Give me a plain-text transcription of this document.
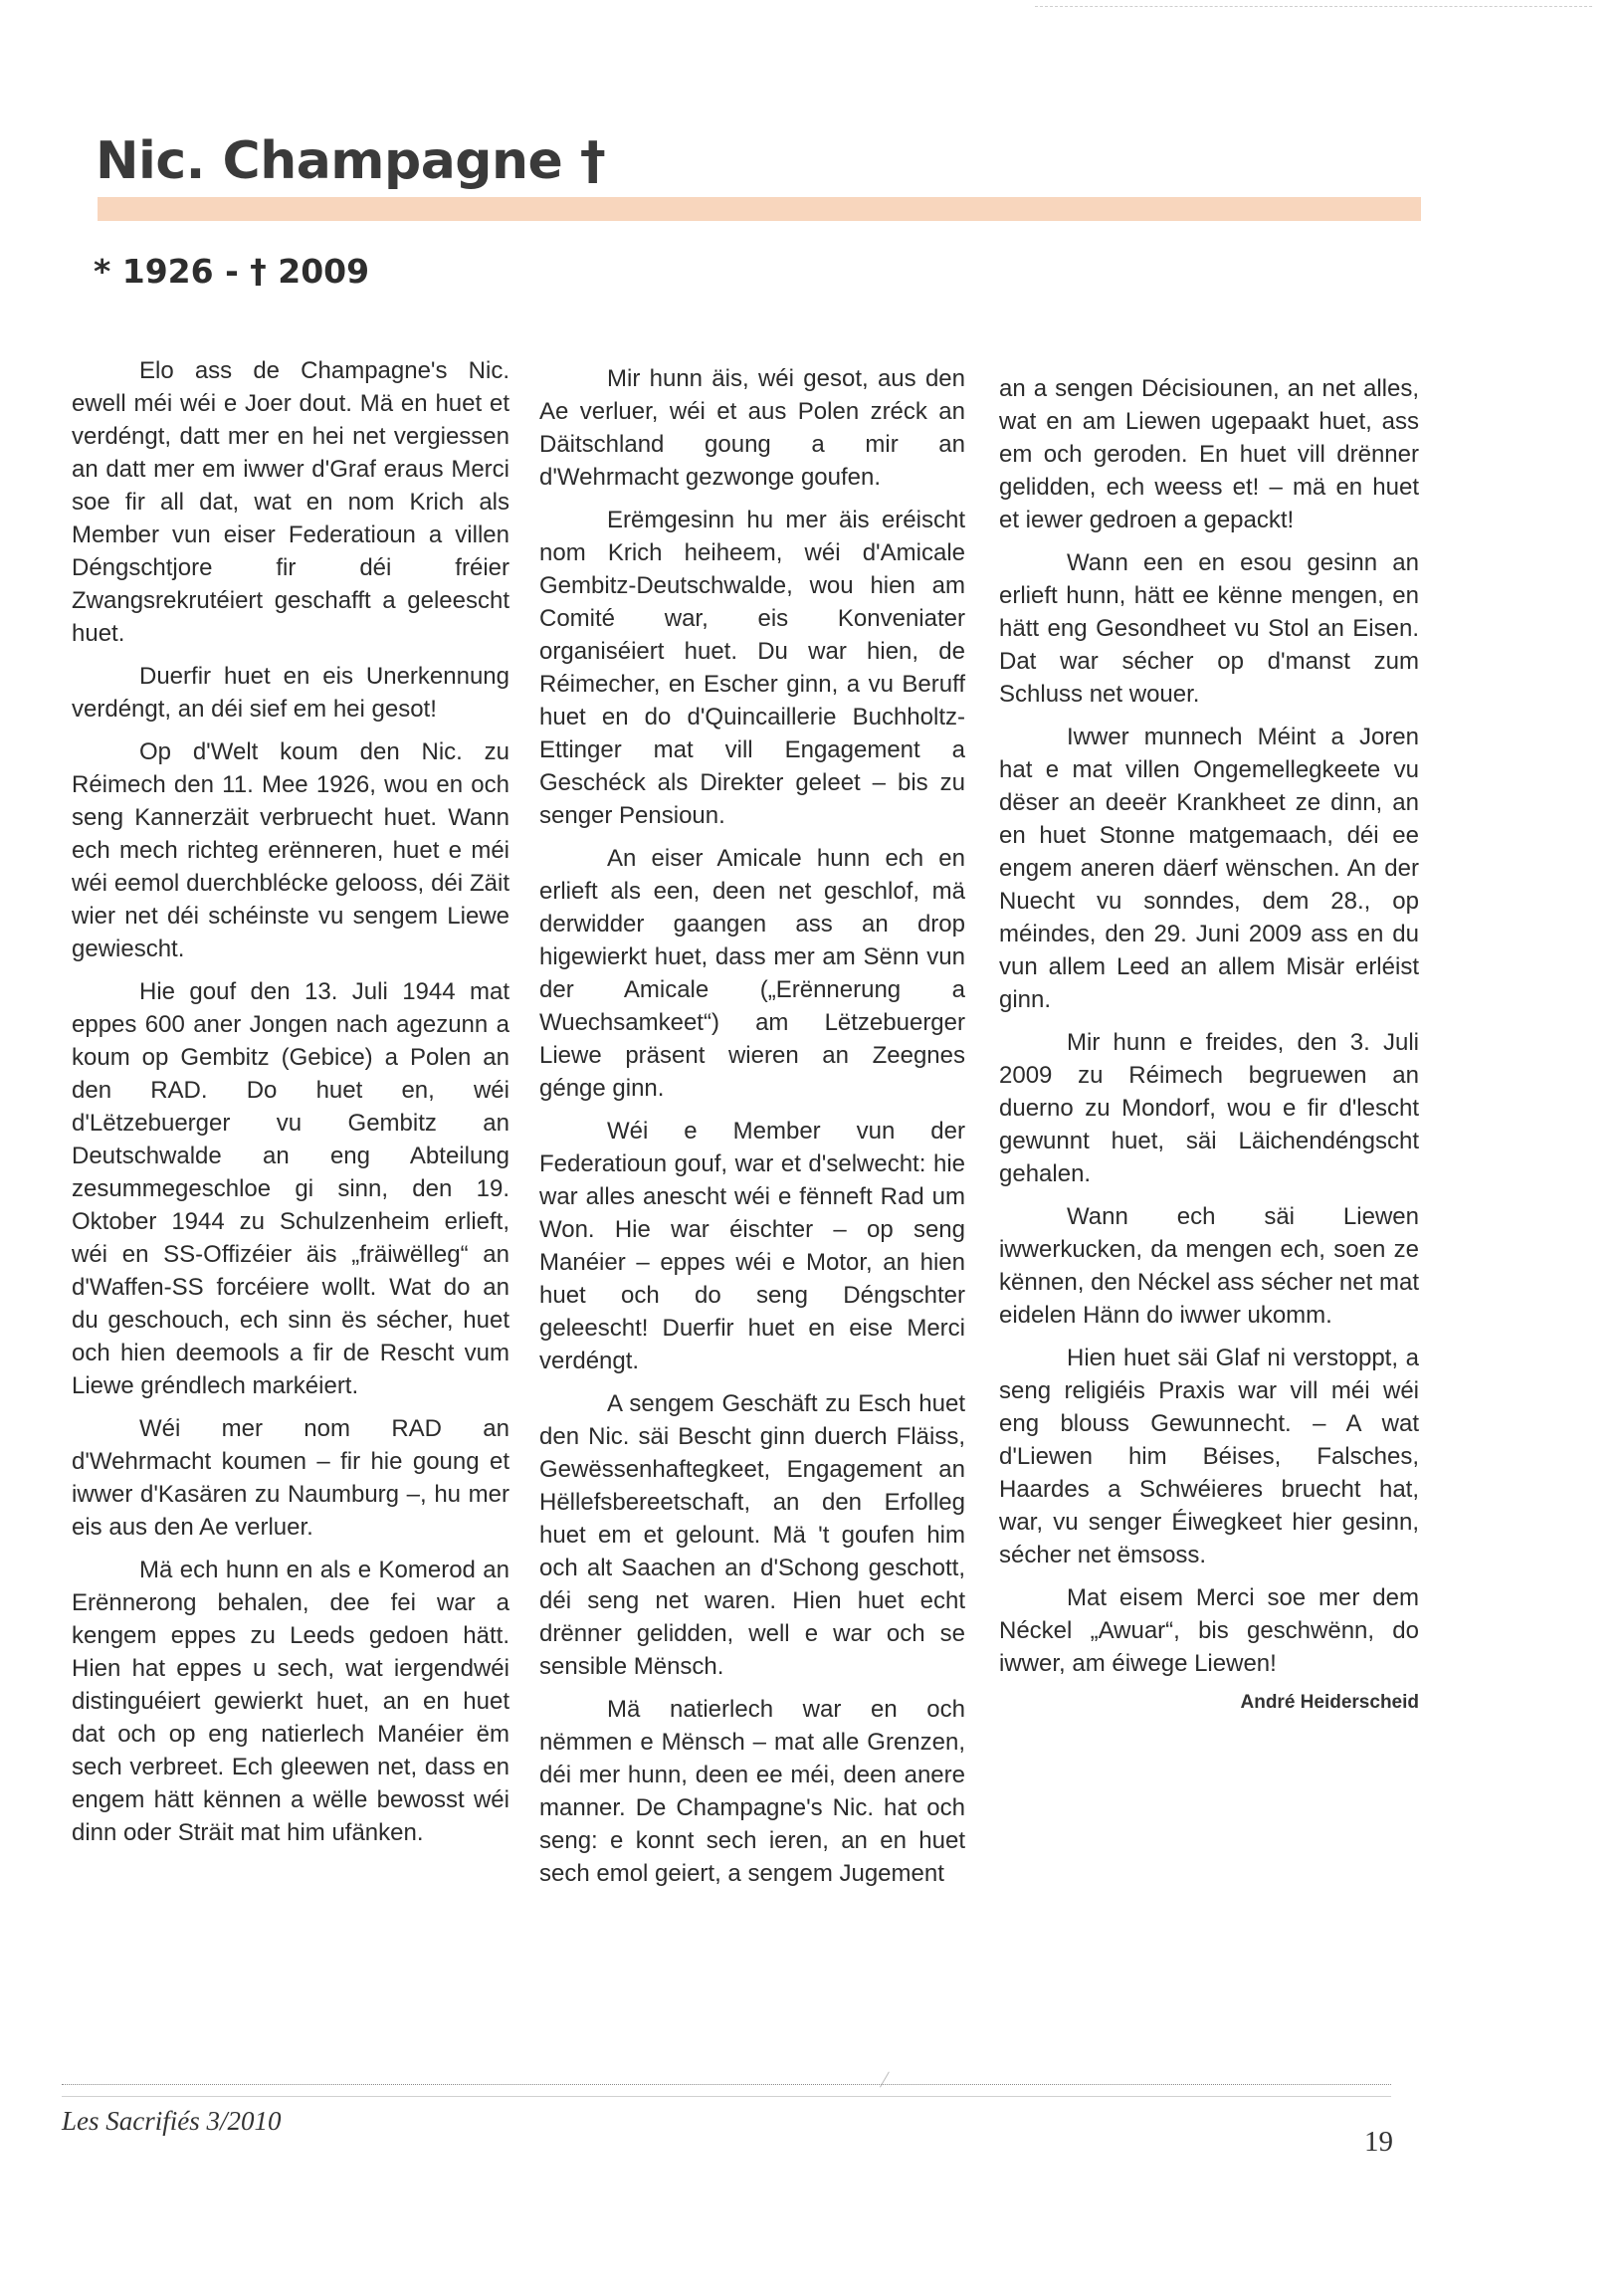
Nic. Champagne †
* 1926 - † 2009

Elo ass de Champagne's Nic. ewell méi wéi e Joer dout. Mä en huet et verdéngt, datt mer en hei net vergiessen an datt mer em iwwer d'Graf eraus Merci soe fir all dat, wat en nom Krich als Member vun eiser Federatioun a villen Déngschtjore fir déi fréier Zwangsrekrutéiert geschafft a geleescht huet.

Duerfir huet en eis Unerkennung verdéngt, an déi sief em hei gesot!

Op d'Welt koum den Nic. zu Réimech den 11. Mee 1926, wou en och seng Kannerzäit verbruecht huet. Wann ech mech richteg erënneren, huet e méi wéi eemol duerchblécke gelooss, déi Zäit wier net déi schéinste vu sengem Liewe gewiescht.

Hie gouf den 13. Juli 1944 mat eppes 600 aner Jongen nach agezunn a koum op Gembitz (Gebice) a Polen an den RAD. Do huet en, wéi d'Lëtzebuerger vu Gembitz an Deutschwalde an eng Abteilung zesummegeschloe gi sinn, den 19. Oktober 1944 zu Schulzenheim erlieft, wéi en SS-Offizéier äis „fräiwëlleg“ an d'Waffen-SS forcéiere wollt. Wat do an du geschouch, ech sinn ës sécher, huet och hien deemools a fir de Rescht vum Liewe gréndlech markéiert.

Wéi mer nom RAD an d'Wehrmacht koumen – fir hie goung et iwwer d'Kasären zu Naumburg –, hu mer eis aus den Ae verluer.

Mä ech hunn en als e Komerod an Erënnerong behalen, dee fei war a kengem eppes zu Leeds gedoen hätt. Hien hat eppes u sech, wat iergendwéi distinguéiert gewierkt huet, an en huet dat och op eng natierlech Manéier ëm sech verbreet. Ech gleewen net, dass en engem hätt kënnen a wëlle bewosst wéi dinn oder Sträit mat him ufänken.

Mir hunn äis, wéi gesot, aus den Ae verluer, wéi et aus Polen zréck an Däitschland goung a mir an d'Wehrmacht gezwonge goufen.

Erëmgesinn hu mer äis eréischt nom Krich heiheem, wéi d'Amicale Gembitz-Deutschwalde, wou hien am Comité war, eis Konveniater organiséiert huet. Du war hien, de Réimecher, en Escher ginn, a vu Beruff huet en do d'Quincaillerie Buchholtz-Ettinger mat vill Engagement a Geschéck als Direkter geleet – bis zu senger Pensioun.

An eiser Amicale hunn ech en erlieft als een, deen net geschlof, mä derwidder gaangen ass an drop higewierkt huet, dass mer am Sënn vun der Amicale („Erënnerung a Wuechsamkeet“) am Lëtzebuerger Liewe präsent wieren an Zeegnes génge ginn.

Wéi e Member vun der Federatioun gouf, war et d'selwecht: hie war alles anescht wéi e fënneft Rad um Won. Hie war éischter – op seng Manéier – eppes wéi e Motor, an hien huet och do seng Déngschter geleescht! Duerfir huet en eise Merci verdéngt.

A sengem Geschäft zu Esch huet den Nic. säi Bescht ginn duerch Fläiss, Gewëssenhaftegkeet, Engagement an Hëllefsbereetschaft, an den Erfolleg huet em et gelount. Mä 't goufen him och alt Saachen an d'Schong geschott, déi seng net waren. Hien huet echt drënner gelidden, well e war och se sensible Mënsch.

Mä natierlech war en och nëmmen e Mënsch – mat alle Grenzen, déi mer hunn, deen ee méi, deen anere manner. De Champagne's Nic. hat och seng: e konnt sech ieren, an en huet sech emol geiert, a sengem Jugement

an a sengen Décisiounen, an net alles, wat en am Liewen ugepaakt huet, ass em och geroden. En huet vill drënner gelidden, ech weess et! – mä en huet et iewer gedroen a gepackt!

Wann een en esou gesinn an erlieft hunn, hätt ee kënne mengen, en hätt eng Gesondheet vu Stol an Eisen. Dat war sécher op d'manst zum Schluss net wouer.

Iwwer munnech Méint a Joren hat e mat villen Ongemellegkeete vu dëser an deeër Krankheet ze dinn, an en huet Stonne matgemaach, déi ee engem aneren däerf wënschen. An der Nuecht vu sonndes, dem 28., op méindes, den 29. Juni 2009 ass en du vun allem Leed an allem Misär erléist ginn.

Mir hunn e freides, den 3. Juli 2009 zu Réimech begruewen an duerno zu Mondorf, wou e fir d'lescht gewunnt huet, säi Läichendéngscht gehalen.

Wann ech säi Liewen iwwerkucken, da mengen ech, soen ze kënnen, den Néckel ass sécher net mat eidelen Hänn do iwwer ukomm.

Hien huet säi Glaf ni verstoppt, a seng religiéis Praxis war vill méi wéi eng blouss Gewunnecht. – A wat d'Liewen him Béises, Falsches, Haardes a Schwéieres bruecht hat, war, vu senger Éiwegkeet hier gesinn, sécher net ëmsoss.

Mat eisem Merci soe mer dem Néckel „Awuar“, bis geschwënn, do iwwer, am éiwege Liewen!

André Heiderscheid
Les Sacrifiés 3/2010
19
